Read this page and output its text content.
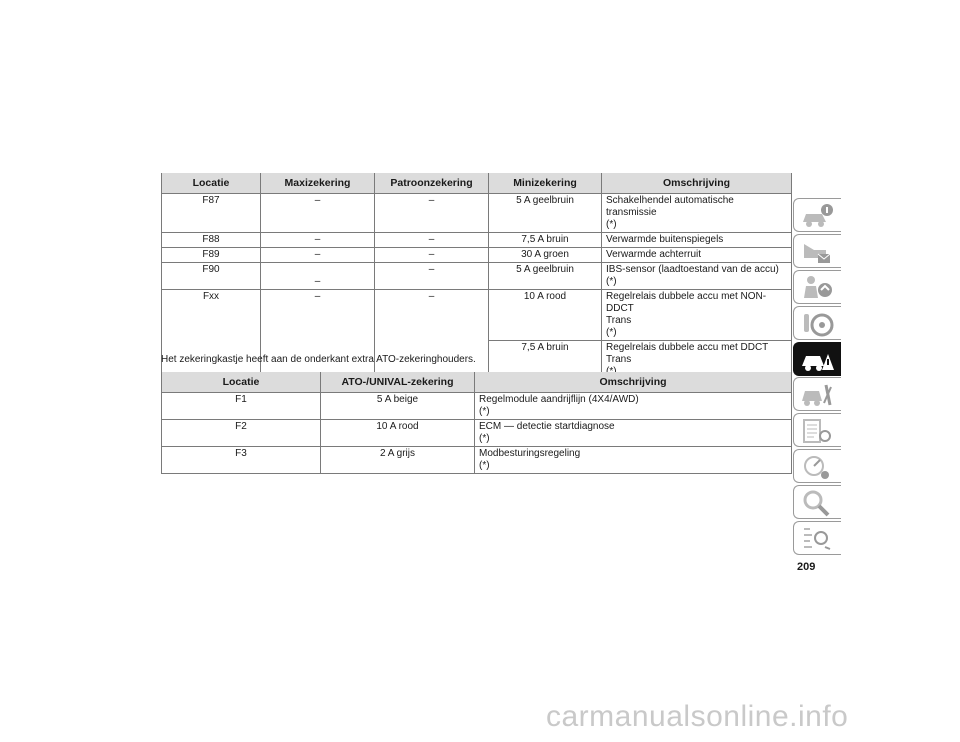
Locatie	Maxizekering	Patroonzekering	Minizekering	Omschrijving
F87	–	–	5 A geelbruin	Schakelhendel automatische transmissie
(*)
F88	–	–	7,5 A bruin	Verwarmde buitenspiegels
F89	–	–	30 A groen	Verwarmde achterruit
F90	–	–	5 A geelbruin	IBS-sensor (laadtoestand van de accu)
(*)
Fxx	–	–	10 A rood	Regelrelais dubbele accu met NON-DDCT
Trans
(*)
			7,5 A bruin	Regelrelais dubbele accu met DDCT Trans

Het zekeringkastje heeft aan de onderkant extra ATO-zekeringhouders.
Locatie	ATO-/UNIVAL-zekering	Omschrijving
F1	5 A beige	Regelmodule aandrijflijn (4X4/AWD)
(*)
F2	10 A rood	ECM — detectie startdiagnose
(*)
F3	2 A grijs	Modbesturingsregeling
(*)
209
carmanualsonline.info
